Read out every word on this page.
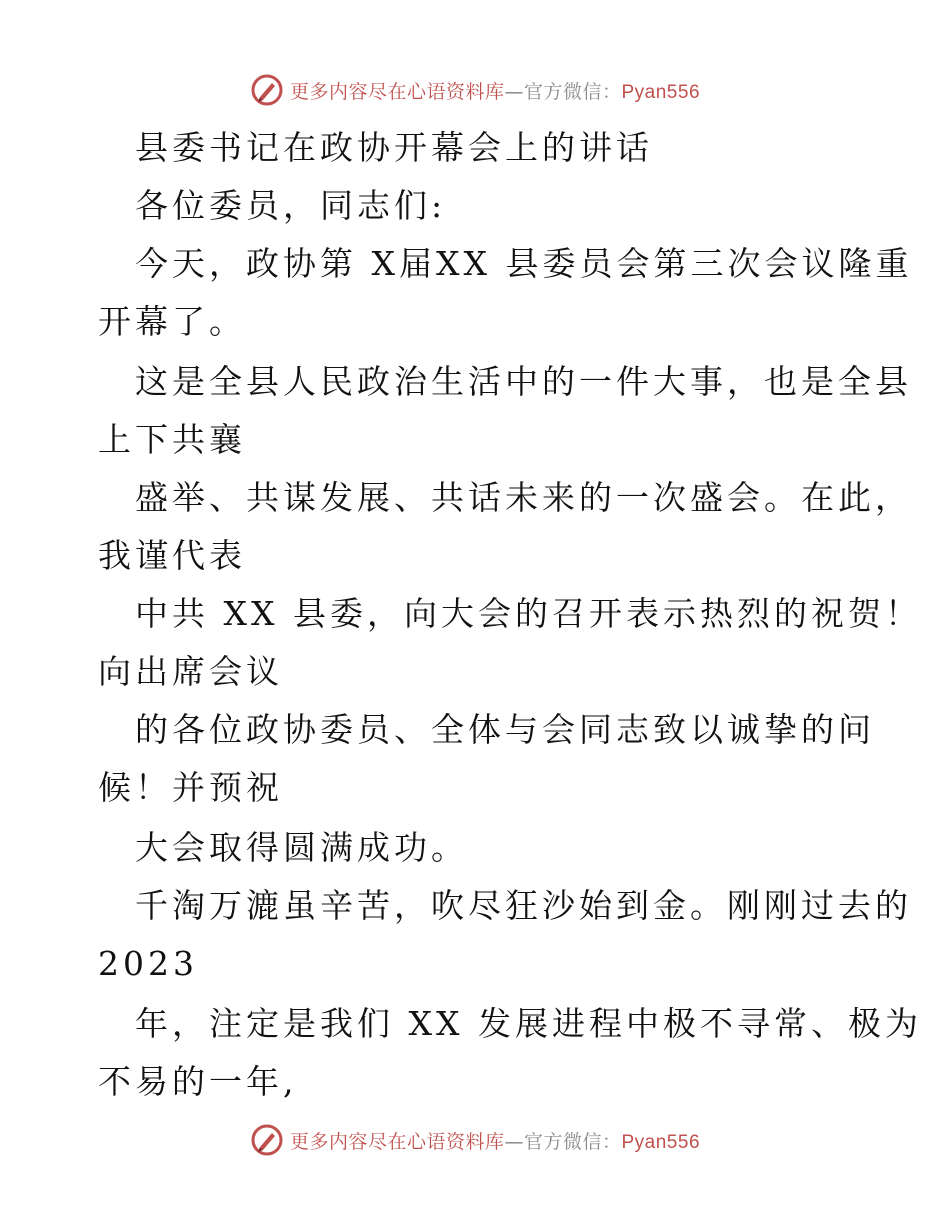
更多内容尽在心语资料库—官方微信：Pyan556
县委书记在政协开幕会上的讲话
各位委员，同志们:
今天，政协第 X届XX 县委员会第三次会议隆重
开幕了。
这是全县人民政治生活中的一件大事，也是全县
上下共襄
盛举、共谋发展、共话未来的一次盛会。在此，
我谨代表
中共 XX 县委，向大会的召开表示热烈的祝贺！
向出席会议
的各位政协委员、全体与会同志致以诚挚的问
候！并预祝
大会取得圆满成功。
千淘万漉虽辛苦，吹尽狂沙始到金。刚刚过去的
2023
年，注定是我们 XX 发展进程中极不寻常、极为
不易的一年,
更多内容尽在心语资料库—官方微信：Pyan556
